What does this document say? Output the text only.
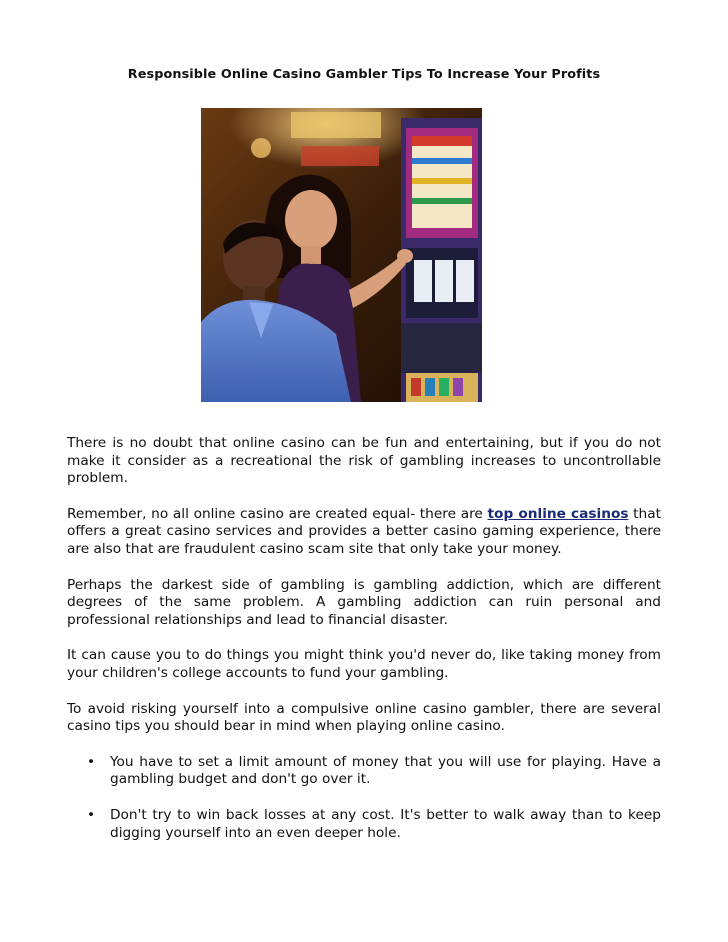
Responsible Online Casino Gambler Tips To Increase Your Profits

There is no doubt that online casino can be fun and entertaining, but if you do not make it consider as a recreational the risk of gambling increases to uncontrollable problem.

Remember, no all online casino are created equal- there are top online casinos that offers a great casino services and provides a better casino gaming experience, there are also that are fraudulent casino scam site that only take your money.

Perhaps the darkest side of gambling is gambling addiction, which are different degrees of the same problem. A gambling addiction can ruin personal and professional relationships and lead to financial disaster.

It can cause you to do things you might think you'd never do, like taking money from your children's college accounts to fund your gambling.

To avoid risking yourself into a compulsive online casino gambler, there are several casino tips you should bear in mind when playing online casino.

• You have to set a limit amount of money that you will use for playing. Have a gambling budget and don't go over it.
• Don't try to win back losses at any cost. It's better to walk away than to keep digging yourself into an even deeper hole.
